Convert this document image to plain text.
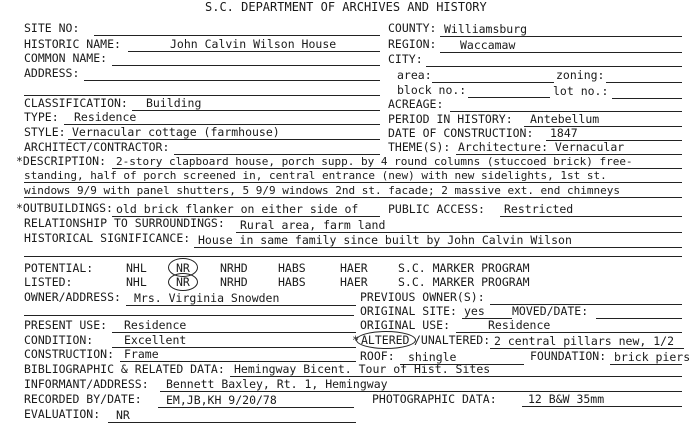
S.C. DEPARTMENT OF ARCHIVES AND HISTORY
SITE NO:
HISTORIC NAME:	John Calvin Wilson House
COMMON NAME:
ADDRESS:
COUNTY: Williamsburg
REGION: Waccamaw
CITY:
area:	zoning:
block no.:	lot no.:
CLASSIFICATION: Building
TYPE: Residence
STYLE: Vernacular cottage (farmhouse)
ARCHITECT/CONTRACTOR:
ACREAGE:
PERIOD IN HISTORY: Antebellum
DATE OF CONSTRUCTION: 1847
THEME(S): Architecture: Vernacular
*DESCRIPTION: 2-story clapboard house, porch supp. by 4 round columns (stuccoed brick) free-
standing, half of porch screened in, central entrance (new) with new sidelights, 1st st.
windows 9/9 with panel shutters, 5 9/9 windows 2nd st. facade; 2 massive ext. end chimneys
*OUTBUILDINGS: old brick flanker on either side of	PUBLIC ACCESS: Restricted
RELATIONSHIP TO SURROUNDINGS: Rural area, farm land
HISTORICAL SIGNIFICANCE: House in same family since built by John Calvin Wilson
POTENTIAL:	NHL	NR	NRHD	HABS	HAER	S.C. MARKER PROGRAM
LISTED:	NHL	NR	NRHD	HABS	HAER	S.C. MARKER PROGRAM
OWNER/ADDRESS: Mrs. Virginia Snowden	PREVIOUS OWNER(S):
ORIGINAL SITE: yes MOVED/DATE:
ORIGINAL USE:	Residence
PRESENT USE: Residence
CONDITION:	Excellent	* ALTERED /UNALTERED: 2 central pillars new, 1/2
CONSTRUCTION: Frame	ROOF: shingle	FOUNDATION: brick piers
BIBLIOGRAPHIC & RELATED DATA: Hemingway Bicent. Tour of Hist. Sites
INFORMANT/ADDRESS: Bennett Baxley, Rt. 1, Hemingway
RECORDED BY/DATE: EM,JB,KH 9/20/78	PHOTOGRAPHIC DATA:	12 B&W 35mm
EVALUATION: NR
